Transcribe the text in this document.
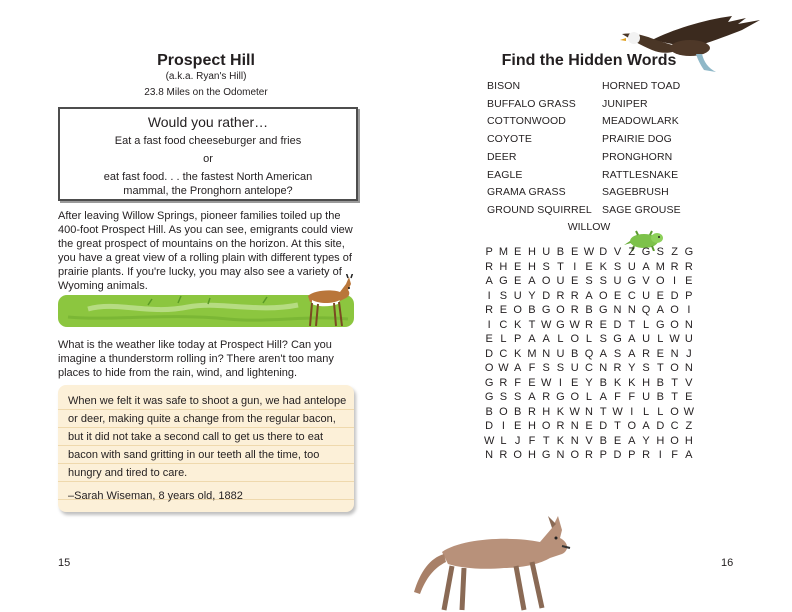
Prospect Hill
(a.k.a. Ryan's Hill)
23.8 Miles on the Odometer
Would you rather…
Eat a fast food cheeseburger and fries
or
eat fast food. . . the fastest North American mammal, the Pronghorn antelope?
After leaving Willow Springs, pioneer families toiled up the 400-foot Prospect Hill. As you can see, emigrants could view the great prospect of mountains on the horizon. At this site, you have a great view of a rolling plain with different types of prairie plants. If you're lucky, you may also see a variety of Wyoming animals.
What is the weather like today at Prospect Hill? Can you imagine a thunderstorm rolling in? There aren't too many places to hide from the rain, wind, and lightening.
When we felt it was safe to shoot a gun, we had antelope or deer, making quite a change from the regular bacon, but it did not take a second call to get us there to eat bacon with sand gritting in our teeth all the time, too hungry and tired to care.
–Sarah Wiseman, 8 years old, 1882
15
Find the Hidden Words
BISON
BUFFALO GRASS
COTTONWOOD
COYOTE
DEER
EAGLE
GRAMA GRASS
GROUND SQUIRREL
HORNED TOAD
JUNIPER
MEADOWLARK
PRAIRIE DOG
PRONGHORN
RATTLESNAKE
SAGEBRUSH
SAGE GROUSE
WILLOW
P M E H U B E W D V Z G S Z G
R H E H S T I E K S U A M R R
A G E A O U E S S U G V O I E
I S U Y D R R A O E C U E D P
R E O B G O R B G N N Q A O I
I C K T W G W R E D T L G O N
E L P A A L O L S G A U L W U
D C K M N U B Q A S A R E N J
O W A F S S U C N R Y S T O N
G R F E W I E Y B K K H B T V
G S S A R G O L A F F U B T E
B O B R H K W N T W I L L O W
D I E H O R N E D T O A D C Z
W L J F T K N V B E A Y H O H
N R O H G N O R P D P R I F A
16
